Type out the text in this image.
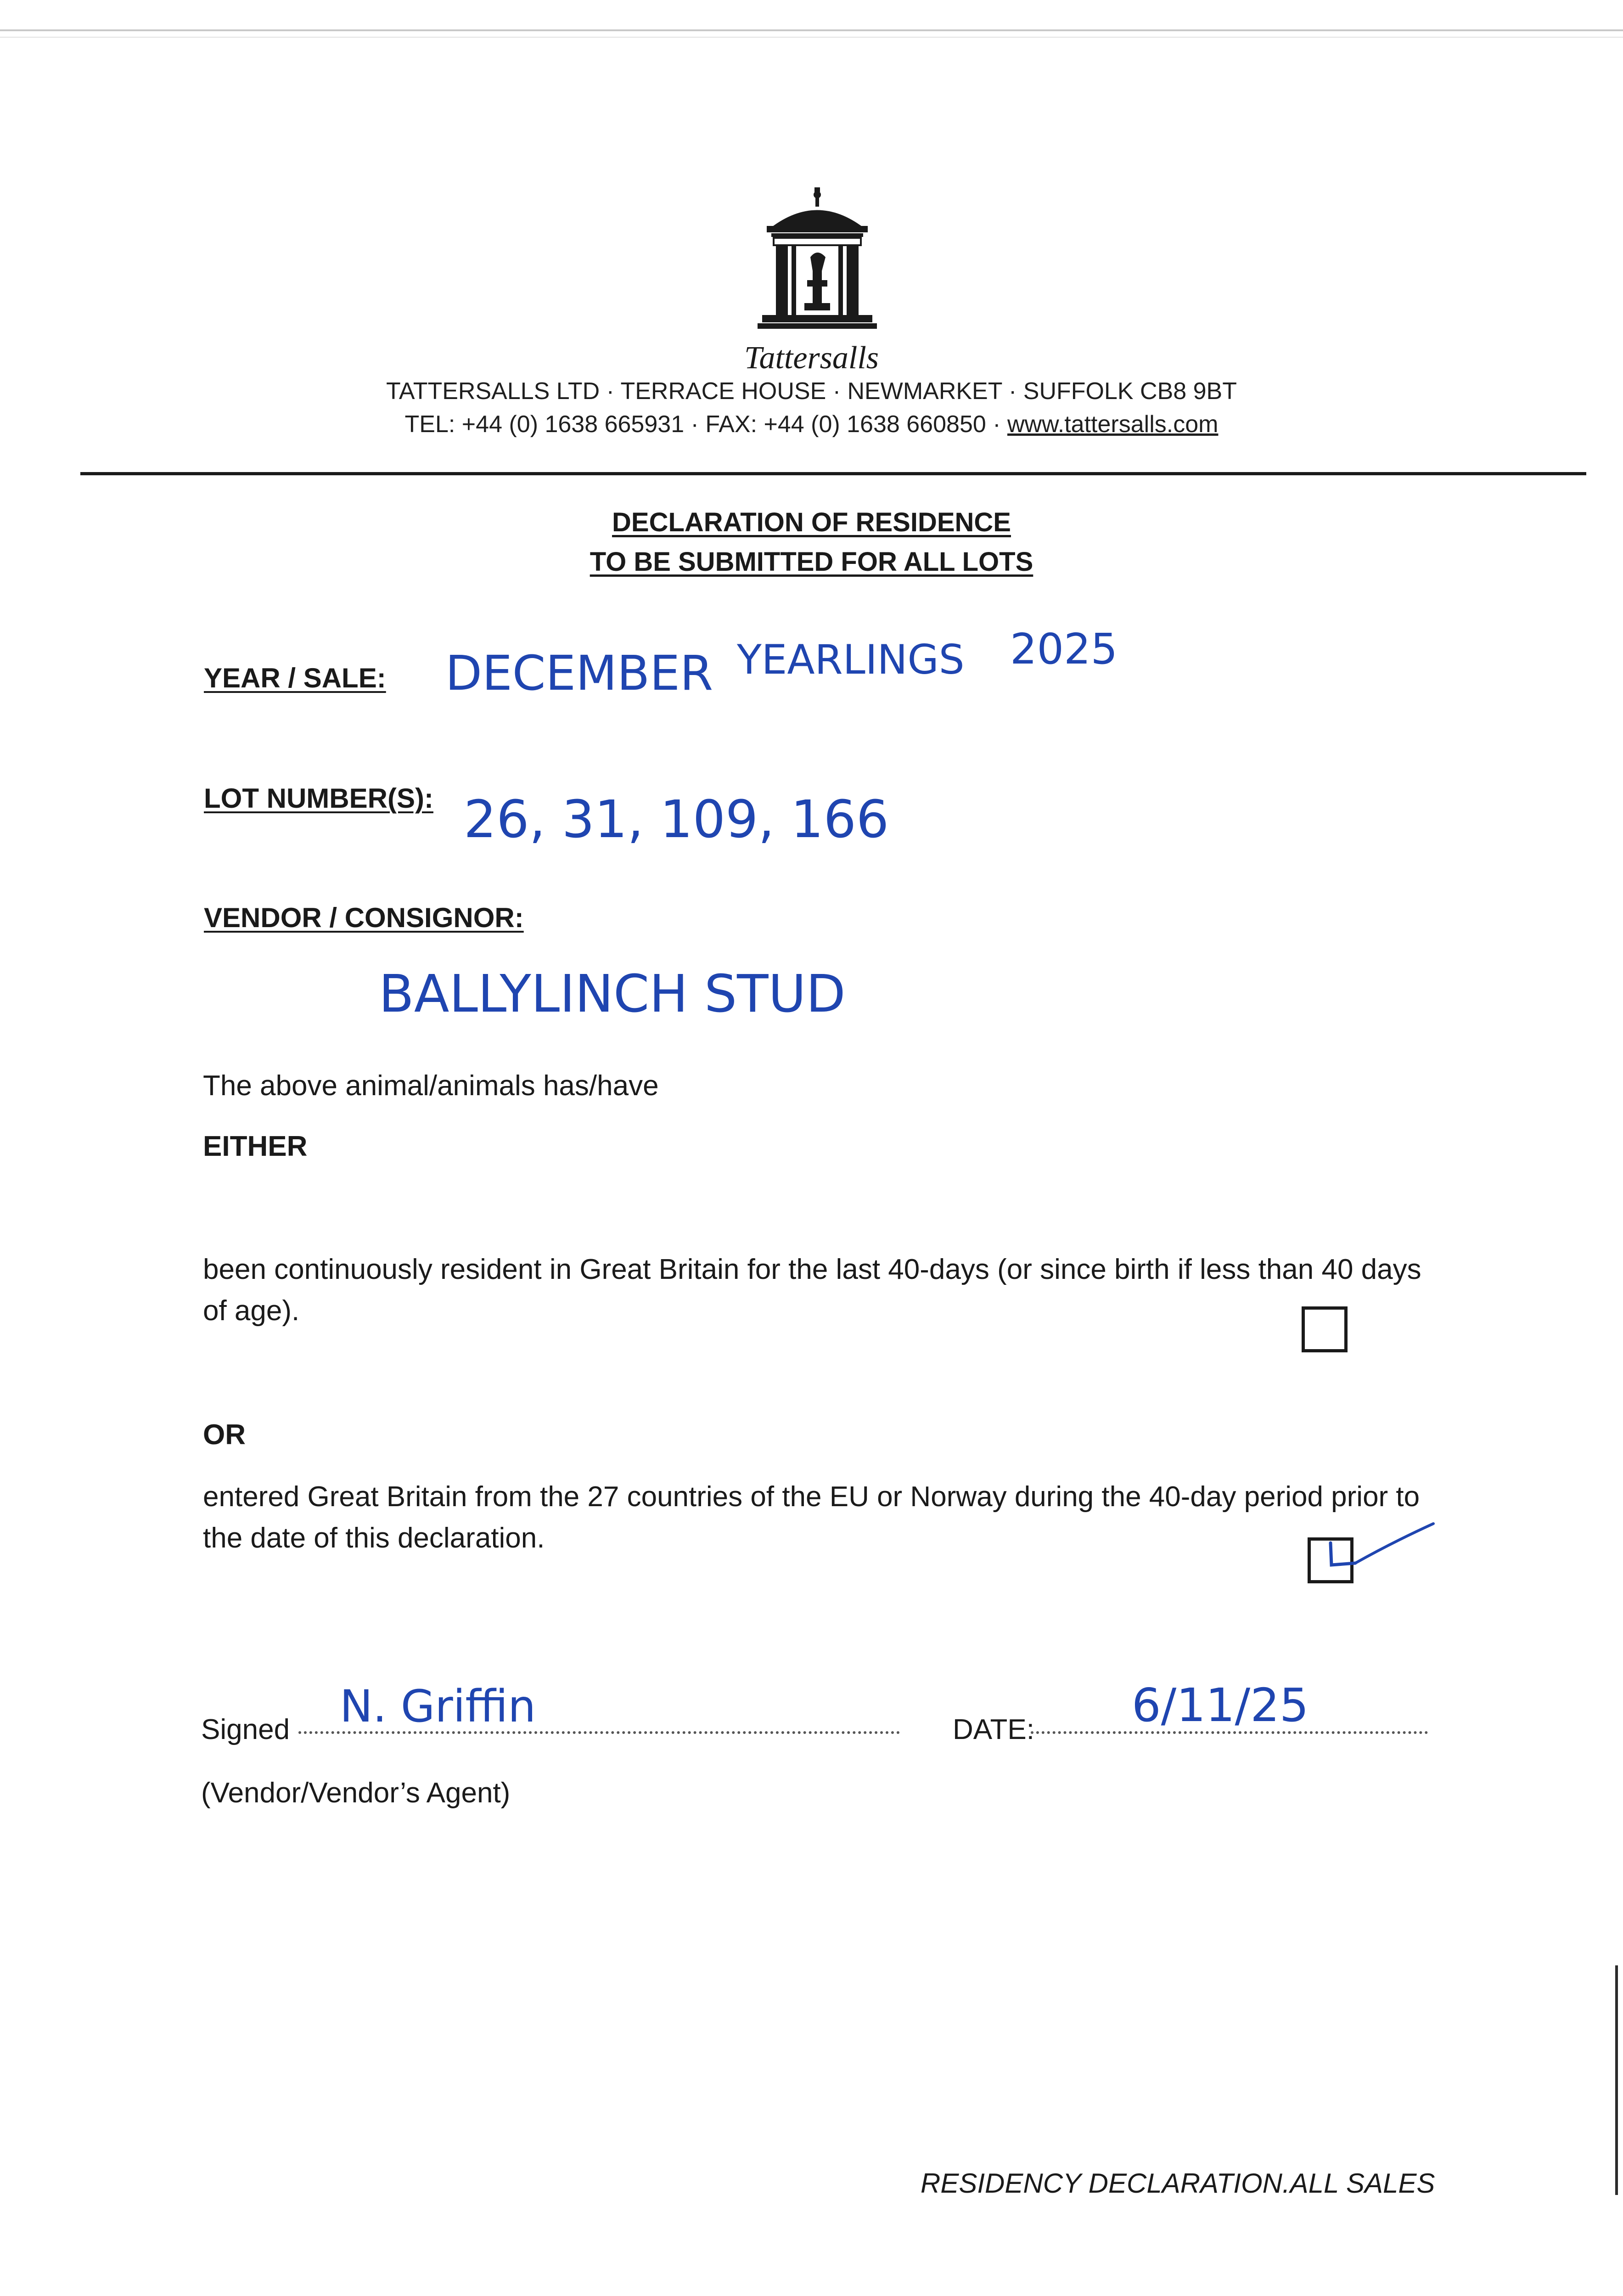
Tattersalls
TATTERSALLS LTD · TERRACE HOUSE · NEWMARKET · SUFFOLK CB8 9BT
TEL: +44 (0) 1638 665931 · FAX: +44 (0) 1638 660850 · www.tattersalls.com
DECLARATION OF RESIDENCE
TO BE SUBMITTED FOR ALL LOTS
YEAR / SALE: DECEMBER YEARLINGS 2025
LOT NUMBER(S): 26, 31, 109, 166
VENDOR / CONSIGNOR:
BALLYLINCH STUD
The above animal/animals has/have
EITHER
been continuously resident in Great Britain for the last 40-days (or since birth if less than 40 days of age).
OR
entered Great Britain from the 27 countries of the EU or Norway during the 40-day period prior to the date of this declaration.
Signed N. Griffin	DATE: 6/11/25
(Vendor/Vendor’s Agent)
RESIDENCY DECLARATION.ALL SALES
